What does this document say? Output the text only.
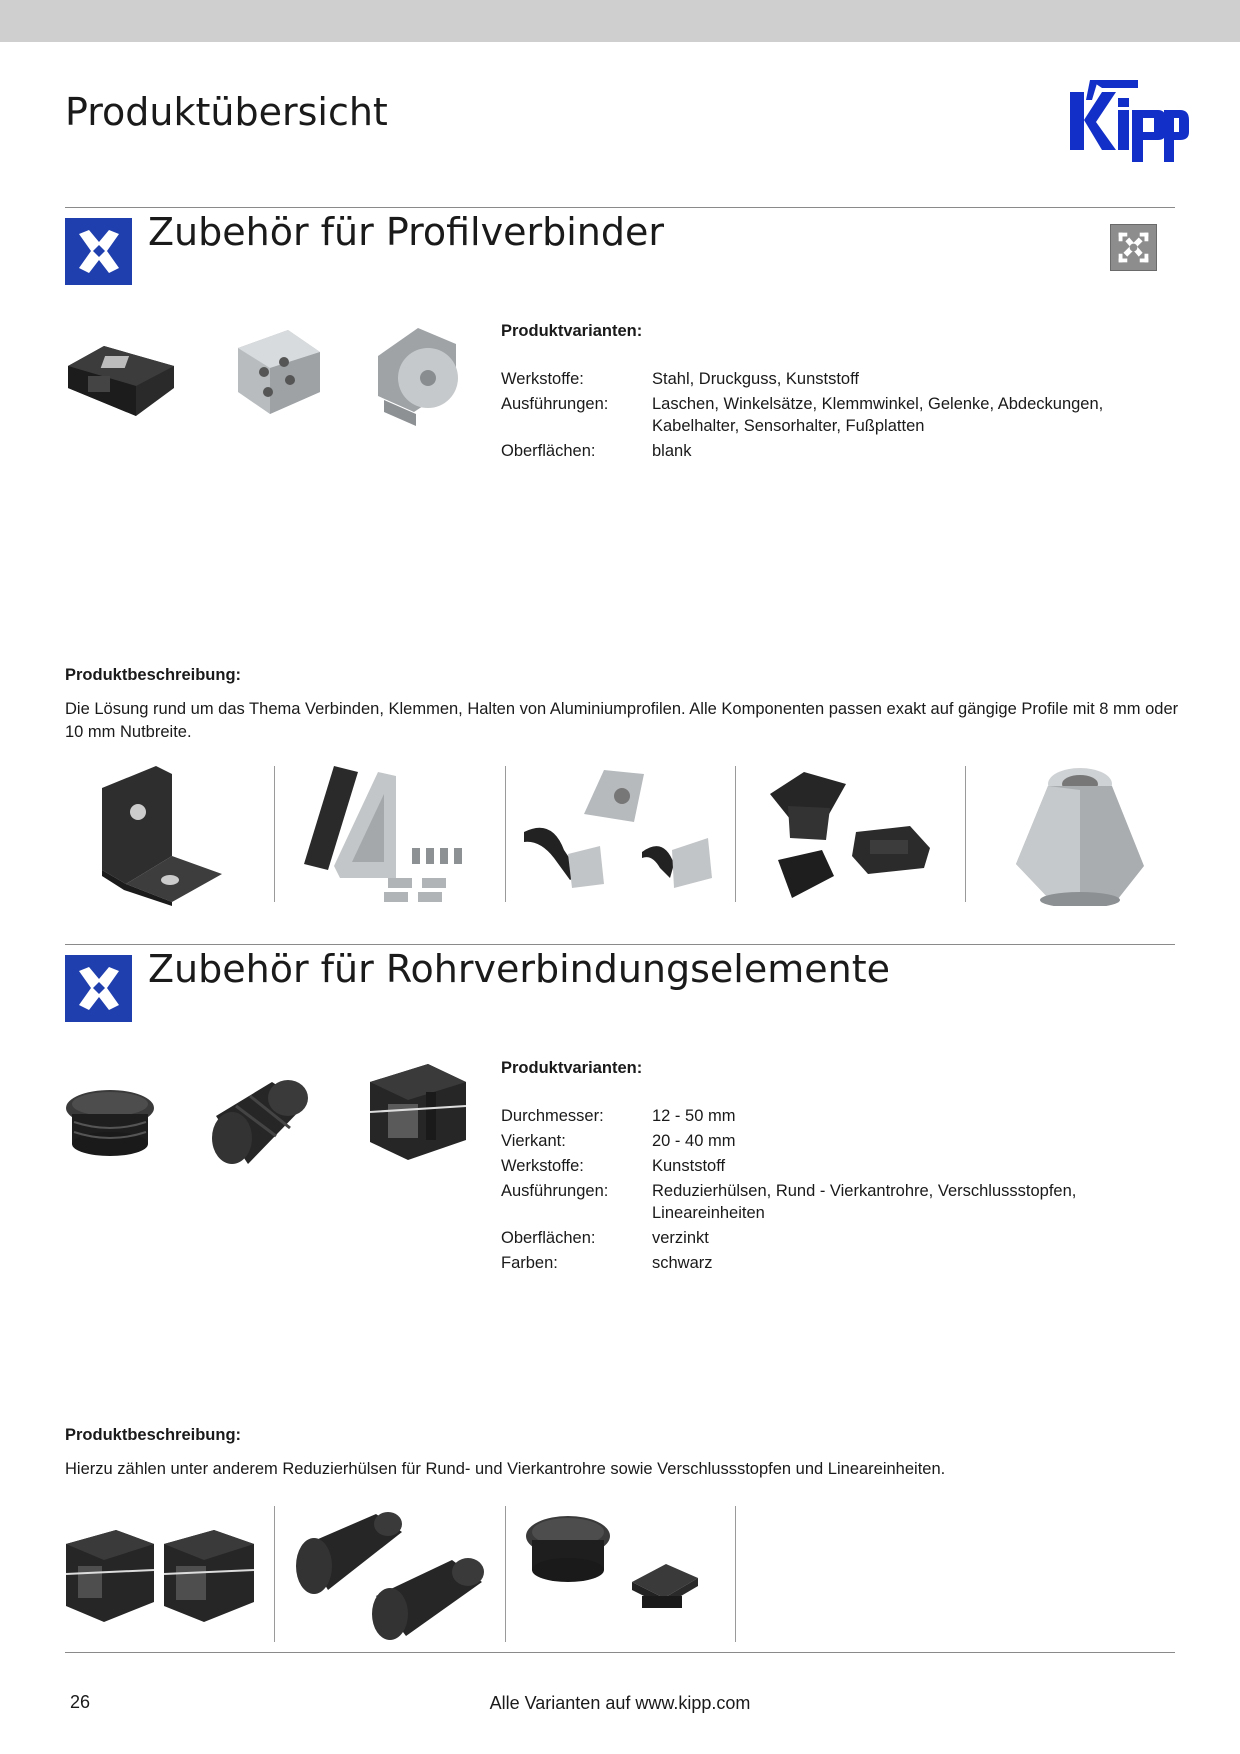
Produktübersicht
Zubehör für Profilverbinder
Produktvarianten:
Werkstoffe:	Stahl, Druckguss, Kunststoff
Ausführungen:	Laschen, Winkelsätze, Klemmwinkel, Gelenke, Abdeckungen, Kabelhalter, Sensorhalter, Fußplatten
Oberflächen:	blank
Produktbeschreibung:
Die Lösung rund um das Thema Verbinden, Klemmen, Halten von Aluminiumprofilen. Alle Komponenten passen exakt auf gängige Profile mit 8 mm oder 10 mm Nutbreite.
Zubehör für Rohrverbindungselemente
Produktvarianten:
Durchmesser:	12 - 50 mm
Vierkant:	20 - 40 mm
Werkstoffe:	Kunststoff
Ausführungen:	Reduzierhülsen, Rund - Vierkantrohre, Verschlussstopfen, Lineareinheiten
Oberflächen:	verzinkt
Farben:	schwarz
Produktbeschreibung:
Hierzu zählen unter anderem Reduzierhülsen für Rund- und Vierkantrohre sowie Verschlussstopfen und Lineareinheiten.
26	Alle Varianten auf www.kipp.com
